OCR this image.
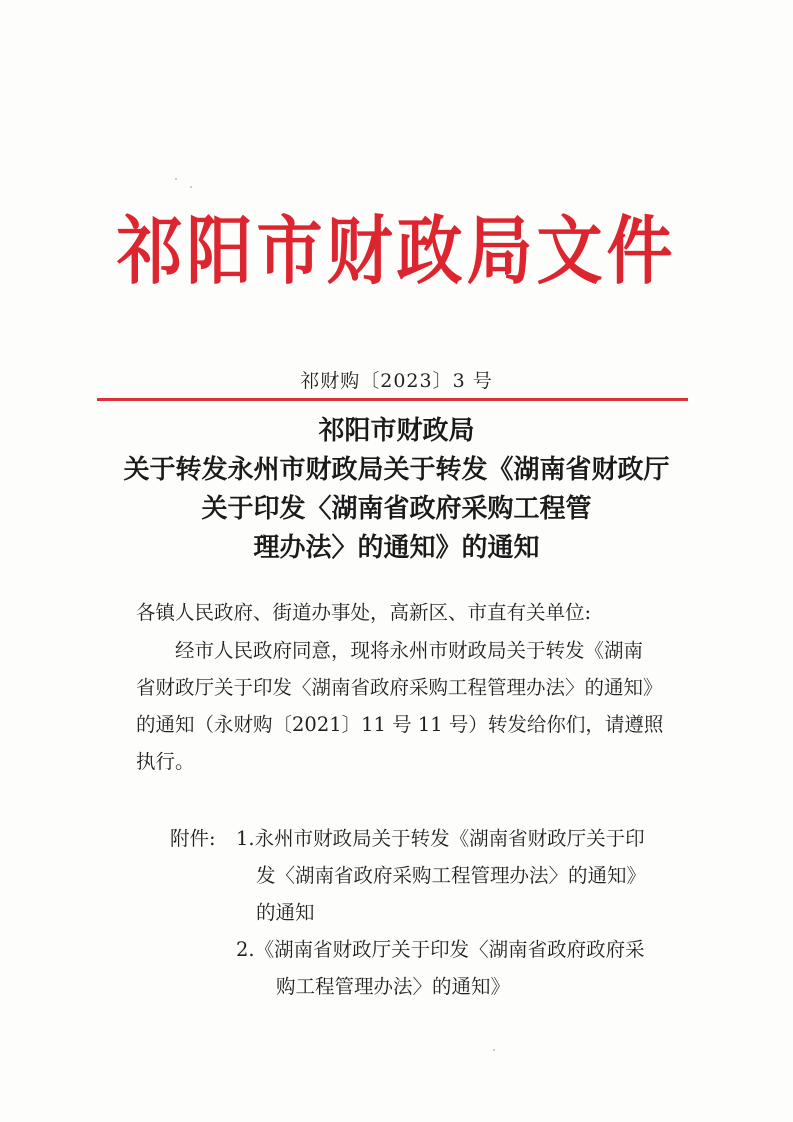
祁阳市财政局文件
祁财购〔2023〕3 号
祁阳市财政局
关于转发永州市财政局关于转发《湖南省财政厅
关于印发〈湖南省政府采购工程管
理办法〉的通知》的通知
各镇人民政府、街道办事处，高新区、市直有关单位:
经市人民政府同意，现将永州市财政局关于转发《湖南
省财政厅关于印发〈湖南省政府采购工程管理办法〉的通知》
的通知（永财购〔2021〕11 号 11 号）转发给你们，请遵照
执行。
附件: 1.永州市财政局关于转发《湖南省财政厅关于印
发〈湖南省政府采购工程管理办法〉的通知》
的通知
2.《湖南省财政厅关于印发〈湖南省政府政府采
购工程管理办法〉的通知》
